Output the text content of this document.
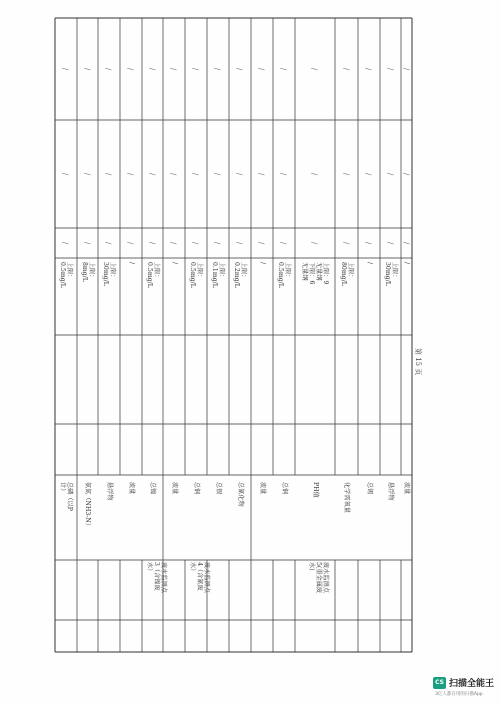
/
/
/
上限：
0.5mg/L
总磷（以P
计）
/
/
/
上限：
8mg/L
氨氮（NH3-N）
/
/
/
上限：
30mg/L
悬浮物
/
/
/
/
流量
/
/
/
上限：
0.5mg/L
总镍
废水监测点
3（含镍废
水）
/
/
/
/
流量
/
/
/
上限：
0.5mg/L
总铜
废水监测点
4（含氰废
水）
/
/
/
上限：
0.1mg/L
总银
/
/
/
上限：
0.2mg/L
总氰化物
/
/
/
/
流量
/
/
/
上限：
0.5mg/L
总铜
/
/
/
上限：9
无量纲
下限：6
无量纲
PH值
废水监测点
5(重金属废
水)
/
/
/
上限：
80mg/L
化学需氧量
/
/
/
/
总锡
/
/
/
上限：
30mg/L
悬浮物
/
/
/
/
流量
第 15 页
CS 扫描全能王
3亿人都在用的扫描App
